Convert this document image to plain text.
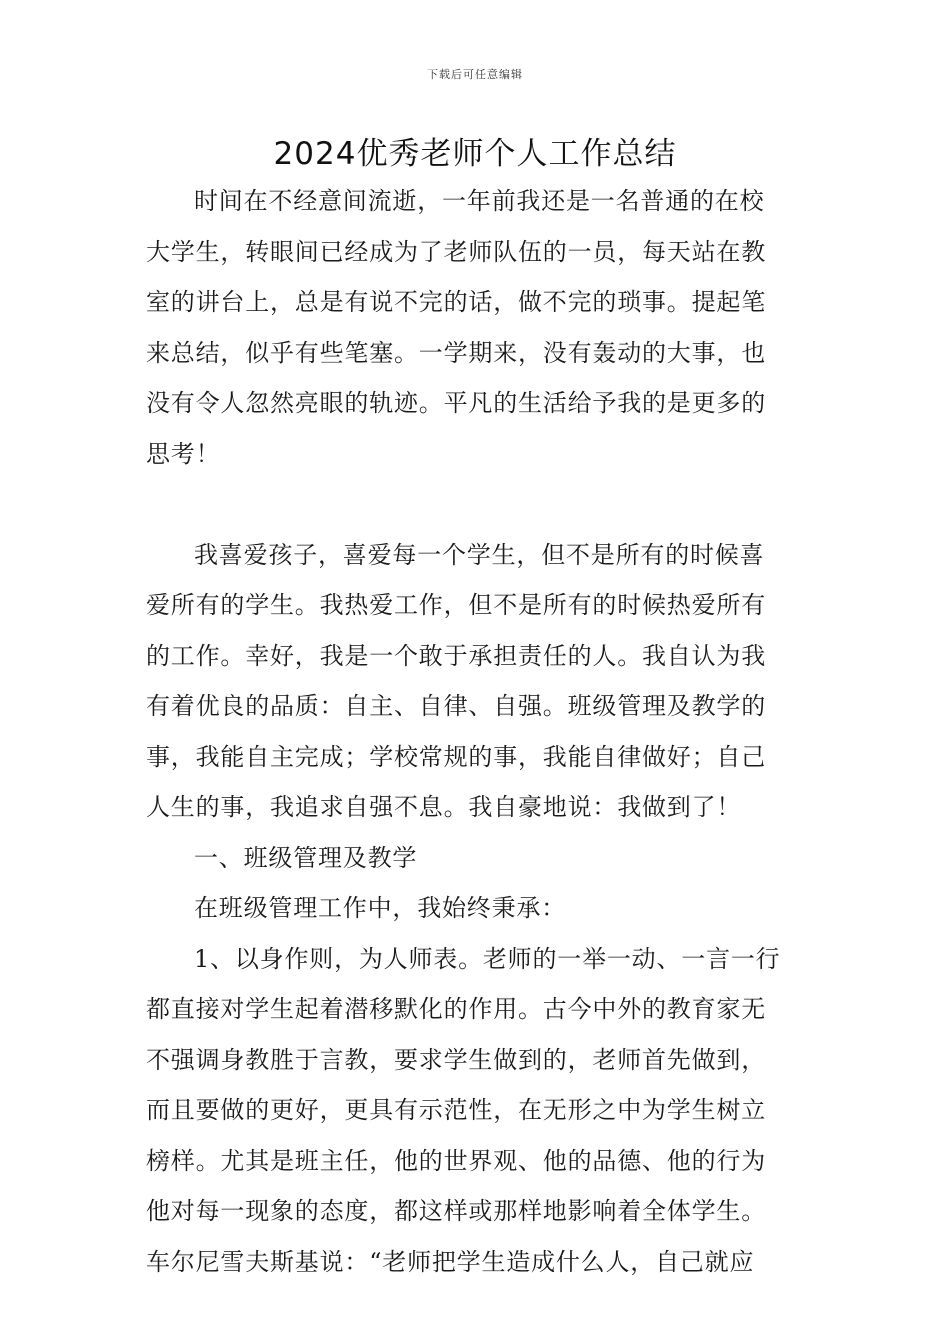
下载后可任意编辑
2024优秀老师个人工作总结
时间在不经意间流逝，一年前我还是一名普通的在校
大学生，转眼间已经成为了老师队伍的一员，每天站在教
室的讲台上，总是有说不完的话，做不完的琐事。提起笔
来总结，似乎有些笔塞。一学期来，没有轰动的大事，也
没有令人忽然亮眼的轨迹。平凡的生活给予我的是更多的
思考！
我喜爱孩子，喜爱每一个学生，但不是所有的时候喜
爱所有的学生。我热爱工作，但不是所有的时候热爱所有
的工作。幸好，我是一个敢于承担责任的人。我自认为我
有着优良的品质：自主、自律、自强。班级管理及教学的
事，我能自主完成；学校常规的事，我能自律做好；自己
人生的事，我追求自强不息。我自豪地说：我做到了！
一、班级管理及教学
在班级管理工作中，我始终秉承：
1、以身作则，为人师表。老师的一举一动、一言一行
都直接对学生起着潜移默化的作用。古今中外的教育家无
不强调身教胜于言教，要求学生做到的，老师首先做到，
而且要做的更好，更具有示范性，在无形之中为学生树立
榜样。尤其是班主任，他的世界观、他的品德、他的行为
他对每一现象的态度，都这样或那样地影响着全体学生。
车尔尼雪夫斯基说：“老师把学生造成什么人，自己就应
